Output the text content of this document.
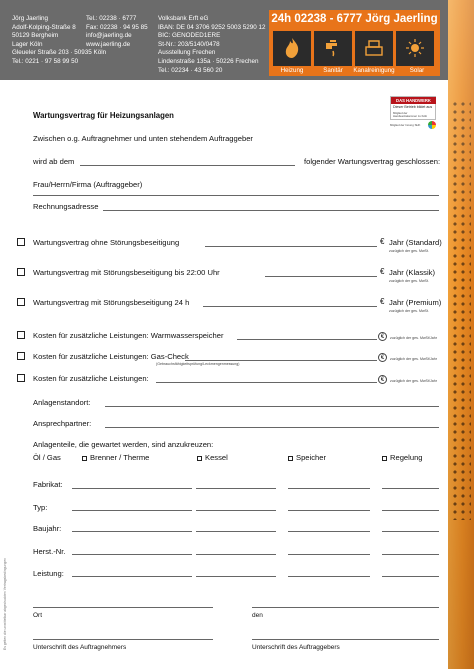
Jörg Jaerling
Adolf-Kolping-Straße 8
50129 Bergheim
Lager Köln
Gleueler Straße 203 · 50935 Köln
Tel.: 0221 · 97 58 99 50
Tel.: 02238 · 6777
Fax: 02238 · 94 95 85
info@jaerling.de
www.jaerling.de
Volksbank Erft eG
IBAN: DE 04 3706 9252 5003 5290 12
BIC: GENODED1ERE
St-Nr.: 203/5140/0478
Ausstellung Frechen
Lindenstraße 135a · 50226 Frechen
Tel.: 02234 · 43 560 20
24h 02238 - 6777 Jörg Jaerling
Heizung	Sanitär	Kanalreinigung	Solar
DAS HANDWERK
Dieser Betrieb bildet aus
Mitglied der
Handwerkskammer zu Köln
Mitglied der Innung SHK
Wartungsvertrag für Heizungsanlagen
Zwischen o.g. Auftragnehmer und unten stehendem Auftraggeber
wird ab dem	folgender Wartungsvertrag geschlossen:
Frau/Herrn/Firma (Auftraggeber)
Rechnungsadresse
Wartungsvertrag ohne Störungsbeseitigung	€ Jahr (Standard)
zuzüglich der ges. MwSt.
Wartungsvertrag mit Störungsbeseitigung bis 22:00 Uhr	€ Jahr (Klassik)
zuzüglich der ges. MwSt.
Wartungsvertrag mit Störungsbeseitigung 24 h	€ Jahr (Premium)
zuzüglich der ges. MwSt.
Kosten für zusätzliche Leistungen: Warmwasserspeicher	€	zuzüglich der ges. MwSt/Jahr
Kosten für zusätzliche Leistungen: Gas-Check
(Gebrauchsfähigkeitsprüfung/Leckmengenmessung)
€	zuzüglich der ges. MwSt/Jahr
Kosten für zusätzliche Leistungen:	€	zuzüglich der ges. MwSt/Jahr
Anlagenstandort:
Ansprechpartner:
Anlagenteile, die gewartet werden, sind anzukreuzen:
Öl / Gas	Brenner / Therme	Kessel	Speicher	Regelung
Fabrikat:
Typ:
Baujahr:
Herst.-Nr.
Leistung:
Ort	den
Unterschrift des Auftragnehmers	Unterschrift des Auftraggebers
Es gelten die unmittelbar abgedruckten Vertragsbedingungen
